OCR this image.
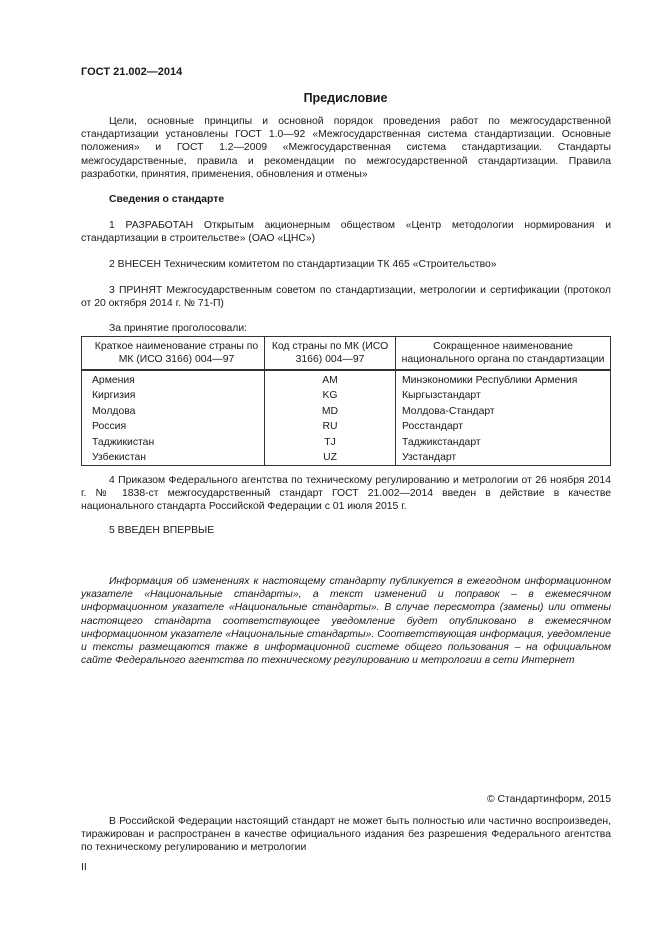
ГОСТ 21.002—2014
Предисловие
Цели, основные принципы и основной порядок проведения работ по межгосударственной стандартизации установлены ГОСТ 1.0—92 «Межгосударственная система стандартизации. Основные положения» и ГОСТ 1.2—2009 «Межгосударственная система стандартизации. Стандарты межгосударственные, правила и рекомендации по межгосударственной стандартизации. Правила разработки, принятия, применения, обновления и отмены»
Сведения о стандарте
1 РАЗРАБОТАН Открытым акционерным обществом «Центр методологии нормирования и стандартизации в строительстве» (ОАО «ЦНС»)
2 ВНЕСЕН Техническим комитетом по стандартизации ТК 465 «Строительство»
3 ПРИНЯТ Межгосударственным советом по стандартизации, метрологии и сертификации (протокол от 20 октября 2014 г. № 71-П)
За принятие проголосовали:
Краткое наименование страны по МК (ИСО 3166) 004—97	Код страны по МК (ИСО 3166) 004—97	Сокращенное наименование национального органа по стандартизации
Армения	AM	Минэкономики Республики Армения
Киргизия	KG	Кыргызстандарт
Молдова	MD	Молдова-Стандарт
Россия	RU	Росстандарт
Таджикистан	TJ	Таджикстандарт
Узбекистан	UZ	Узстандарт
4 Приказом Федерального агентства по техническому регулированию и метрологии от 26 ноября 2014 г. № 1838-ст межгосударственный стандарт ГОСТ 21.002—2014 введен в действие в качестве национального стандарта Российской Федерации с 01 июля 2015 г.
5 ВВЕДЕН ВПЕРВЫЕ
Информация об изменениях к настоящему стандарту публикуется в ежегодном информационном указателе «Национальные стандарты», а текст изменений и поправок – в ежемесячном информационном указателе «Национальные стандарты». В случае пересмотра (замены) или отмены настоящего стандарта соответствующее уведомление будет опубликовано в ежемесячном информационном указателе «Национальные стандарты». Соответствующая информация, уведомление и тексты размещаются также в информационной системе общего пользования – на официальном сайте Федерального агентства по техническому регулированию и метрологии в сети Интернет
© Стандартинформ, 2015
В Российской Федерации настоящий стандарт не может быть полностью или частично воспроизведен, тиражирован и распространен в качестве официального издания без разрешения Федерального агентства по техническому регулированию и метрологии
II
